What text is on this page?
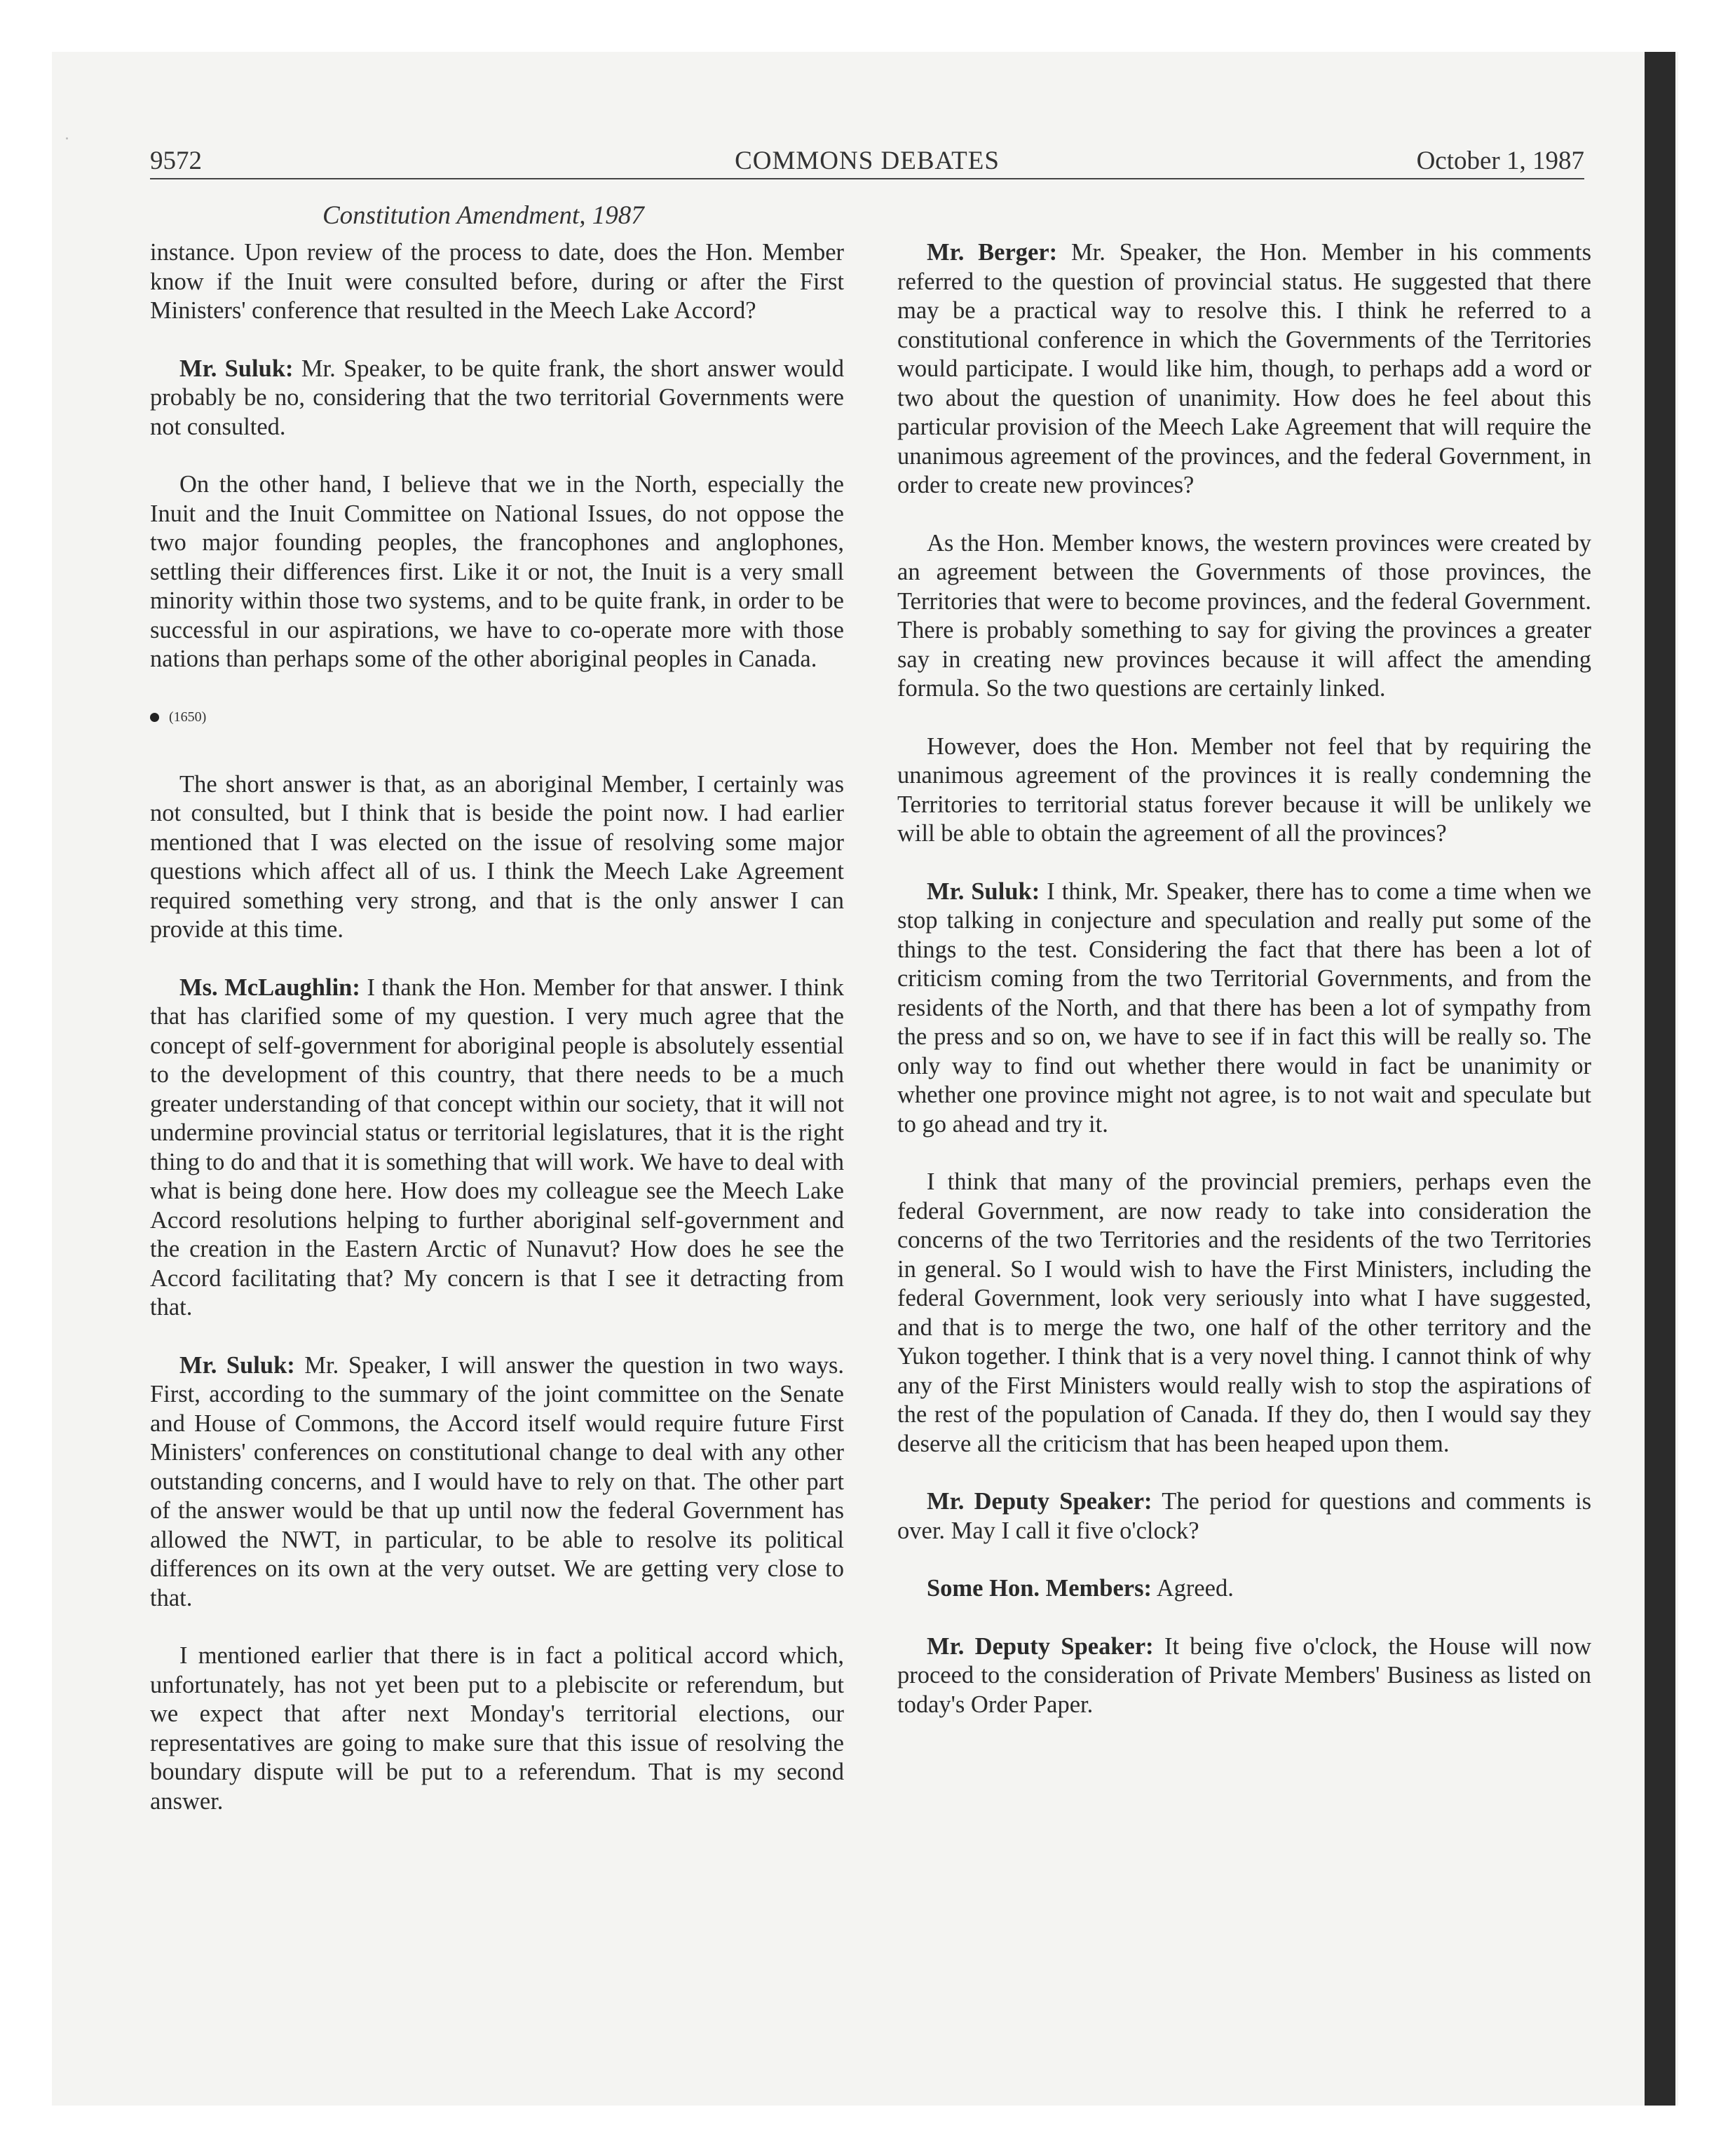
9572	COMMONS DEBATES	October 1, 1987
Constitution Amendment, 1987

instance. Upon review of the process to date, does the Hon. Member know if the Inuit were consulted before, during or after the First Ministers' conference that resulted in the Meech Lake Accord?

Mr. Suluk: Mr. Speaker, to be quite frank, the short answer would probably be no, considering that the two territorial Governments were not consulted.

On the other hand, I believe that we in the North, especially the Inuit and the Inuit Committee on National Issues, do not oppose the two major founding peoples, the francophones and anglophones, settling their differences first. Like it or not, the Inuit is a very small minority within those two systems, and to be quite frank, in order to be successful in our aspirations, we have to co-operate more with those nations than perhaps some of the other aboriginal peoples in Canada.

(1650)

The short answer is that, as an aboriginal Member, I certainly was not consulted, but I think that is beside the point now. I had earlier mentioned that I was elected on the issue of resolving some major questions which affect all of us. I think the Meech Lake Agreement required something very strong, and that is the only answer I can provide at this time.

Ms. McLaughlin: I thank the Hon. Member for that answer. I think that has clarified some of my question. I very much agree that the concept of self-government for aboriginal people is absolutely essential to the development of this country, that there needs to be a much greater understanding of that concept within our society, that it will not undermine provincial status or territorial legislatures, that it is the right thing to do and that it is something that will work. We have to deal with what is being done here. How does my colleague see the Meech Lake Accord resolutions helping to further aboriginal self-government and the creation in the Eastern Arctic of Nunavut? How does he see the Accord facilitating that? My concern is that I see it detracting from that.

Mr. Suluk: Mr. Speaker, I will answer the question in two ways. First, according to the summary of the joint committee on the Senate and House of Commons, the Accord itself would require future First Ministers' conferences on constitutional change to deal with any other outstanding concerns, and I would have to rely on that. The other part of the answer would be that up until now the federal Government has allowed the NWT, in particular, to be able to resolve its political differences on its own at the very outset. We are getting very close to that.

I mentioned earlier that there is in fact a political accord which, unfortunately, has not yet been put to a plebiscite or referendum, but we expect that after next Monday's territorial elections, our representatives are going to make sure that this issue of resolving the boundary dispute will be put to a referendum. That is my second answer.

Mr. Berger: Mr. Speaker, the Hon. Member in his comments referred to the question of provincial status. He suggested that there may be a practical way to resolve this. I think he referred to a constitutional conference in which the Governments of the Territories would participate. I would like him, though, to perhaps add a word or two about the question of unanimity. How does he feel about this particular provision of the Meech Lake Agreement that will require the unanimous agreement of the provinces, and the federal Government, in order to create new provinces?

As the Hon. Member knows, the western provinces were created by an agreement between the Governments of those provinces, the Territories that were to become provinces, and the federal Government. There is probably something to say for giving the provinces a greater say in creating new provinces because it will affect the amending formula. So the two questions are certainly linked.

However, does the Hon. Member not feel that by requiring the unanimous agreement of the provinces it is really condemning the Territories to territorial status forever because it will be unlikely we will be able to obtain the agreement of all the provinces?

Mr. Suluk: I think, Mr. Speaker, there has to come a time when we stop talking in conjecture and speculation and really put some of the things to the test. Considering the fact that there has been a lot of criticism coming from the two Territorial Governments, and from the residents of the North, and that there has been a lot of sympathy from the press and so on, we have to see if in fact this will be really so. The only way to find out whether there would in fact be unanimity or whether one province might not agree, is to not wait and speculate but to go ahead and try it.

I think that many of the provincial premiers, perhaps even the federal Government, are now ready to take into consideration the concerns of the two Territories and the residents of the two Territories in general. So I would wish to have the First Ministers, including the federal Government, look very seriously into what I have suggested, and that is to merge the two, one half of the other territory and the Yukon together. I think that is a very novel thing. I cannot think of why any of the First Ministers would really wish to stop the aspirations of the rest of the population of Canada. If they do, then I would say they deserve all the criticism that has been heaped upon them.

Mr. Deputy Speaker: The period for questions and comments is over. May I call it five o'clock?

Some Hon. Members: Agreed.

Mr. Deputy Speaker: It being five o'clock, the House will now proceed to the consideration of Private Members' Business as listed on today's Order Paper.
